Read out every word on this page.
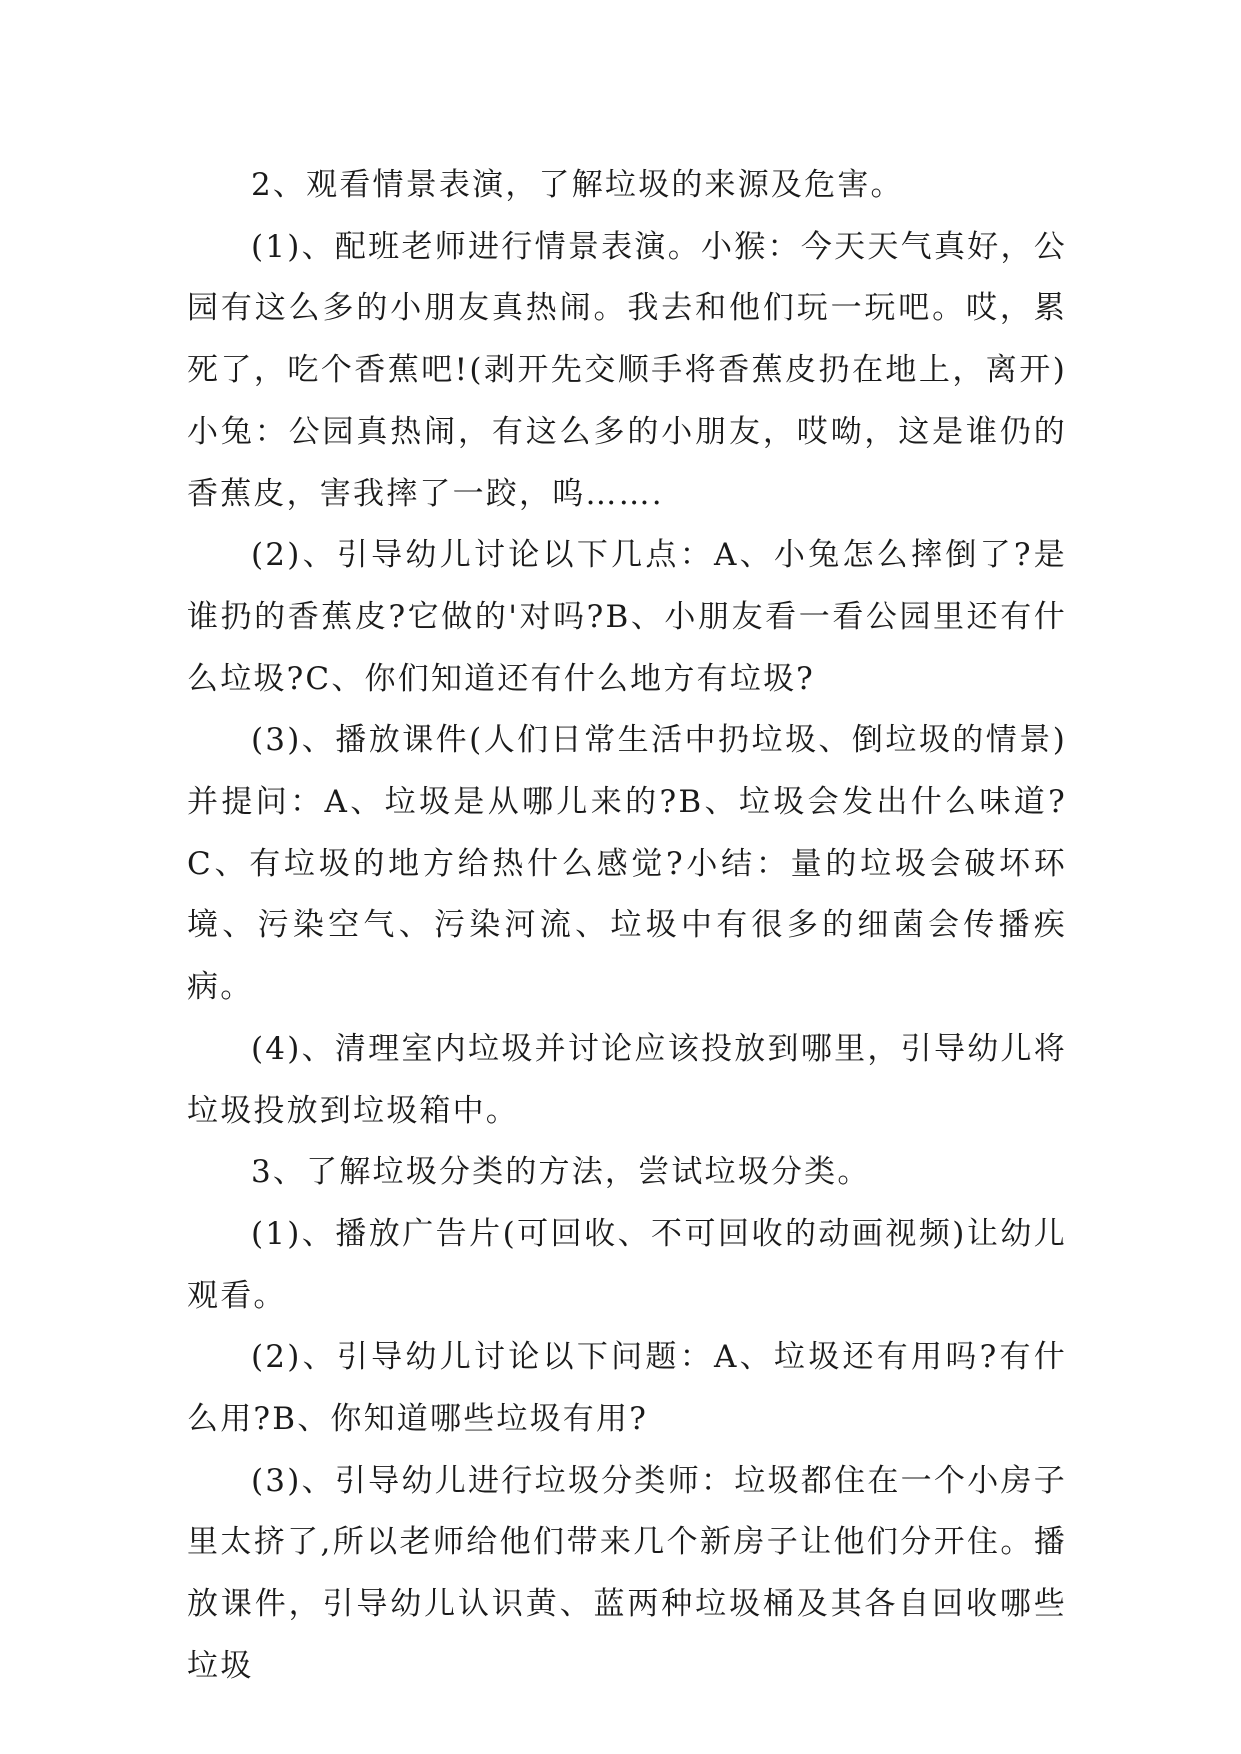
2、观看情景表演，了解垃圾的来源及危害。

(1)、配班老师进行情景表演。小猴：今天天气真好，公园有这么多的小朋友真热闹。我去和他们玩一玩吧。哎，累死了，吃个香蕉吧!(剥开先交顺手将香蕉皮扔在地上，离开)小兔：公园真热闹，有这么多的小朋友，哎呦，这是谁仍的香蕉皮，害我摔了一跤，呜…….

(2)、引导幼儿讨论以下几点：A、小兔怎么摔倒了?是谁扔的香蕉皮?它做的'对吗?B、小朋友看一看公园里还有什么垃圾?C、你们知道还有什么地方有垃圾?

(3)、播放课件(人们日常生活中扔垃圾、倒垃圾的情景)并提问：A、垃圾是从哪儿来的?B、垃圾会发出什么味道?C、有垃圾的地方给热什么感觉?小结：量的垃圾会破坏环境、污染空气、污染河流、垃圾中有很多的细菌会传播疾病。

(4)、清理室内垃圾并讨论应该投放到哪里，引导幼儿将垃圾投放到垃圾箱中。

3、了解垃圾分类的方法，尝试垃圾分类。

(1)、播放广告片(可回收、不可回收的动画视频)让幼儿观看。

(2)、引导幼儿讨论以下问题：A、垃圾还有用吗?有什么用?B、你知道哪些垃圾有用?

(3)、引导幼儿进行垃圾分类师：垃圾都住在一个小房子里太挤了,所以老师给他们带来几个新房子让他们分开住。播放课件，引导幼儿认识黄、蓝两种垃圾桶及其各自回收哪些垃圾
